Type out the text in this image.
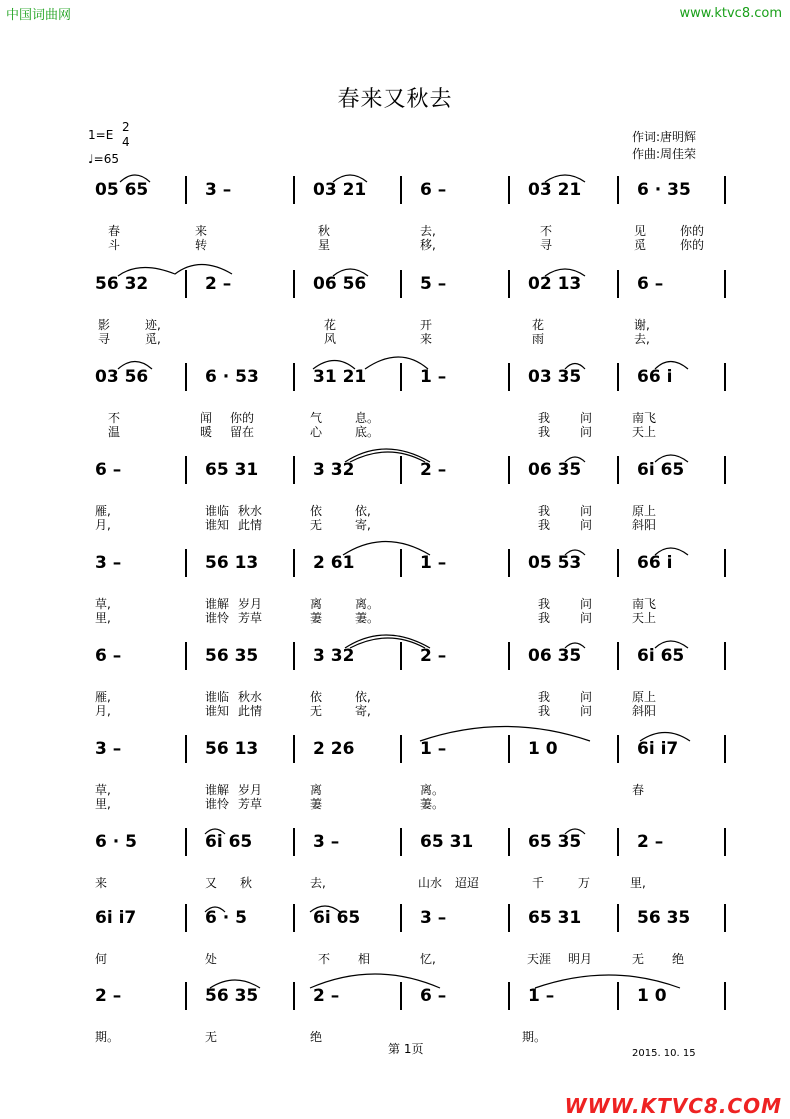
中国词曲网	www.ktvc8.com
春来又秋去
1=E
2
4
♩=65
作词:唐明辉
作曲:周佳荣
05 65	3 –	03 21	6 –	03 21	6 · 35
春	来	秋	去,	不	见	你的
斗	转	星	移,	寻	觅	你的
56 32	2 –	06 56	5 –	02 13	6 –
影	迹,	花	开	花	谢,
寻	觅,	风	来	雨	去,
03 56	6 · 53	31 21	1 –	03 35	66 i
不	闻 你的	气	息。	我 问	南飞
温	暖 留在	心	底。	我 问	天上
6 –	65 31	3 32	2 –	06 35	6i 65
雁,	谁临 秋水	依	依,	我 问	原上
月,	谁知 此情	无	寄,	我 问	斜阳
3 –	56 13	2 61	1 –	05 53	66 i
草,	谁解 岁月	离	离。	我 问	南飞
里,	谁怜 芳草	萋	萋。	我 问	天上
6 –	56 35	3 32	2 –	06 35	6i 65
雁,	谁临 秋水	依	依,	我 问	原上
月,	谁知 此情	无	寄,	我 问	斜阳
3 –	56 13	2 26	1 –	1 0	6i i7
草,	谁解 岁月	离	离。	春
里,	谁怜 芳草	萋	萋。
6 · 5	6i 65	3 –	65 31	65 35	2 –
来	又 秋	去,	山水 迢迢	千	万	里,
6i i7	6 · 5	6i 65	3 –	65 31	56 35
何	处	不 相	忆,	天涯 明月	无 绝
2 –	56 35	2 –	6 –	1 –	1 0
期。	无	绝	期。
第 1页	2015. 10. 15
WWW.KTVC8.COM
